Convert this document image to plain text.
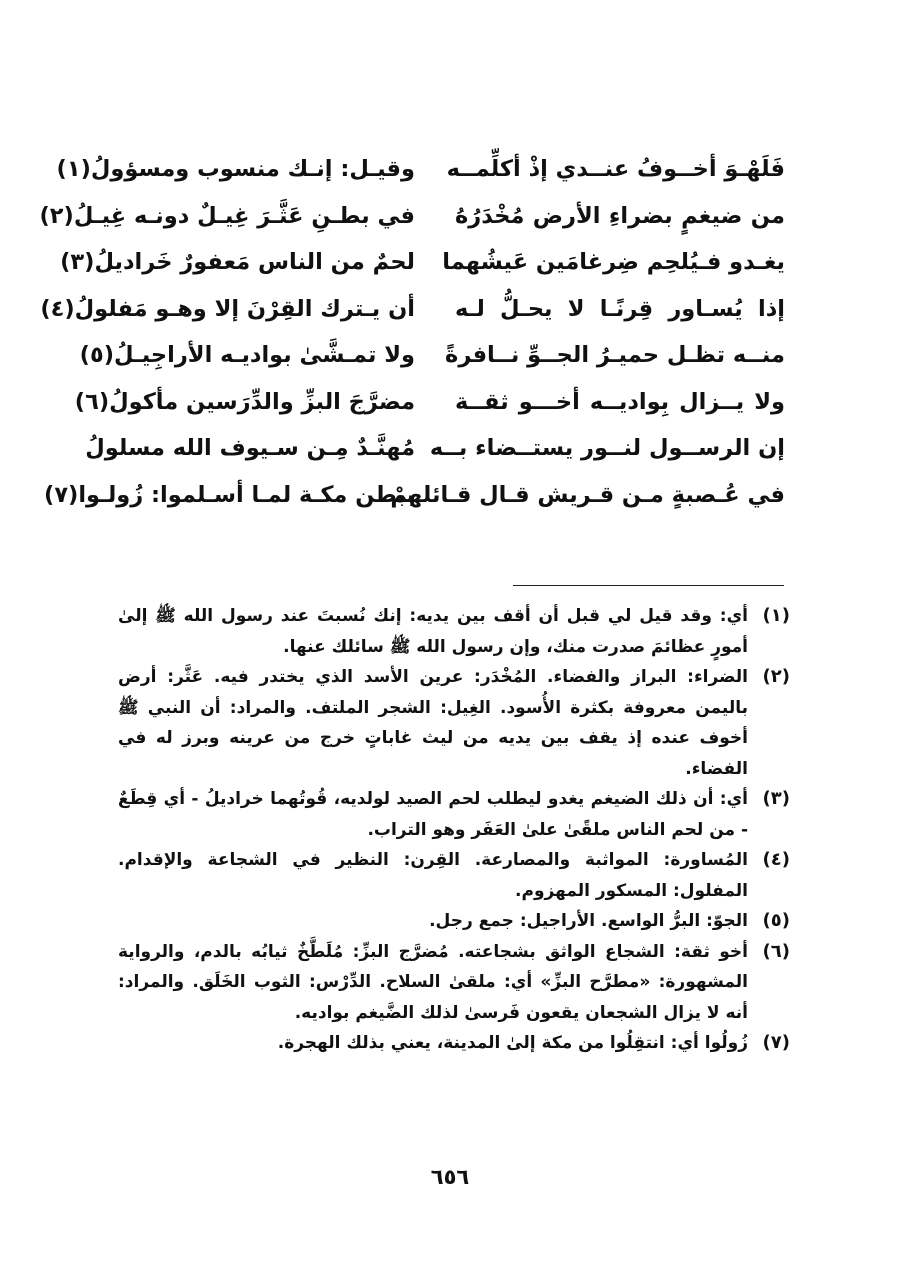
فَلَهْـوَ أخــوفُ عنــدي إذْ أكلِّمــه
وقيـل: إنـك منسوب ومسؤولُ(١)
من ضيغمٍ بضراءِ الأرض مُخْدَرُهُ
في بطـنِ عَثَّـرَ غِيـلٌ دونـه غِيـلُ(٢)
يغـدو فـيُلحِم ضِرغامَين عَيشُهما
لحمٌ من الناس مَعفورٌ خَراديلُ(٣)
إذا يُسـاور قِرنًـا لا يحـلُّ لـه
أن يـترك القِرْنَ إلا وهـو مَفلولُ(٤)
منــه تظـل حميـرُ الجــوِّ نــافرةً
ولا تمـشَّىٰ بواديـه الأراجِيـلُ(٥)
ولا يــزال بِواديــه أخـــو ثقــة
مضرَّجَ البزِّ والدِّرَسين مأكولُ(٦)
إن الرســول لنــور يستــضاء بــه
مُهنَّـدٌ مِـن سـيوف الله مسلولُ
في عُـصبةٍ مـن قـريش قـال قـائلهمْ
ببطن مكـة لمـا أسـلموا: زُولـوا(٧)
(١)
أي: وقد قيل لي قبل أن أقف بين يديه: إنك نُسبتَ عند رسول الله ﷺ إلىٰ أمورٍ عظائمَ صدرت منك، وإن رسول الله ﷺ سائلك عنها.
(٢)
الضراء: البراز والفضاء. المُخْدَر: عرين الأسد الذي يختدر فيه. عَثَّر: أرض بالیمن معروفة بكثرة الأُسود. الغِيل: الشجر الملتف. والمراد: أن النبي ﷺ أخوف عنده إذ يقف بين يديه من ليث غاباتٍ خرج من عرينه وبرز له في الفضاء.
(٣)
أي: أن ذلك الضيغم يغدو ليطلب لحم الصيد لولديه، قُوتُهما خراديلُ - أي قِطَعٌ - من لحم الناس ملقًىٰ علىٰ العَفَر وهو التراب.
(٤)
المُساورة: المواثبة والمصارعة. القِرن: النظير في الشجاعة والإقدام. المفلول: المسكور المهزوم.
(٥)
الجوّ: البرُّ الواسع. الأراجيل: جمع رجل.
(٦)
أخو ثقة: الشجاع الواثق بشجاعته. مُضرَّج البزِّ: مُلَطَّخٌ ثيابُه بالدم، والرواية المشهورة: «مطرَّح البزِّ» أي: ملقىٰ السلاح. الدِّرْس: الثوب الخَلَق. والمراد: أنه لا يزال الشجعان يقعون فَرسىٰ لذلك الضَّيغم بواديه.
(٧)
زُولُوا أي: انتقِلُوا من مكة إلىٰ المدينة، يعني بذلك الهجرة.
٦٥٦
